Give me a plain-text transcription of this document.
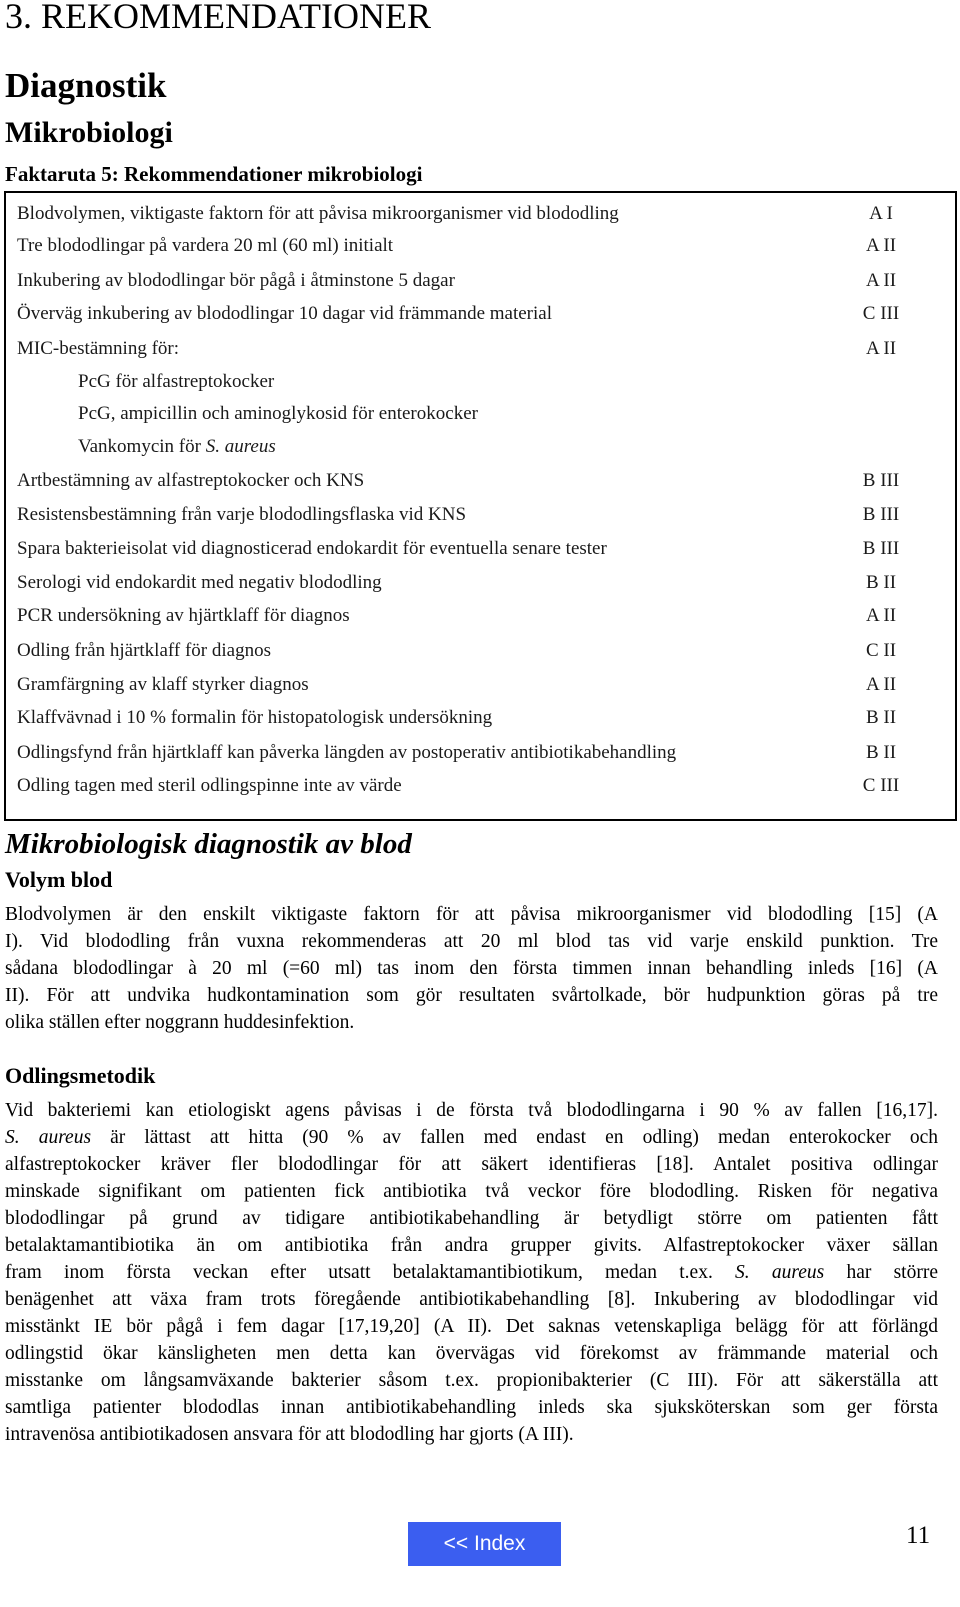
3. REKOMMENDATIONER
Diagnostik
Mikrobiologi
Faktaruta 5: Rekommendationer mikrobiologi
Blodvolymen, viktigaste faktorn för att påvisa mikroorganismer vid blododling	A I
Tre blododlingar på vardera 20 ml (60 ml) initialt	A II
Inkubering av blododlingar bör pågå i åtminstone 5 dagar	A II
Överväg inkubering av blododlingar 10 dagar vid främmande material	C III
MIC-bestämning för:	A II
PcG för alfastreptokocker
PcG, ampicillin och aminoglykosid för enterokocker
Vankomycin för S. aureus
Artbestämning av alfastreptokocker och KNS	B III
Resistensbestämning från varje blododlingsflaska vid KNS	B III
Spara bakterieisolat vid diagnosticerad endokardit för eventuella senare tester	B III
Serologi vid endokardit med negativ blododling	B II
PCR undersökning av hjärtklaff för diagnos	A II
Odling från hjärtklaff för diagnos	C II
Gramfärgning av klaff styrker diagnos	A II
Klaffvävnad i 10 % formalin för histopatologisk undersökning	B II
Odlingsfynd från hjärtklaff kan påverka längden av postoperativ antibiotikabehandling	B II
Odling tagen med steril odlingspinne inte av värde	C III
Mikrobiologisk diagnostik av blod
Volym blod
Blodvolymen är den enskilt viktigaste faktorn för att påvisa mikroorganismer vid blododling [15] (A
I). Vid blododling från vuxna rekommenderas att 20 ml blod tas vid varje enskild punktion. Tre
sådana blododlingar à 20 ml (=60 ml) tas inom den första timmen innan behandling inleds [16] (A
II). För att undvika hudkontamination som gör resultaten svårtolkade, bör hudpunktion göras på tre
olika ställen efter noggrann huddesinfektion.
Odlingsmetodik
Vid bakteriemi kan etiologiskt agens påvisas i de första två blododlingarna i 90 % av fallen [16,17].
S. aureus är lättast att hitta (90 % av fallen med endast en odling) medan enterokocker och
alfastreptokocker kräver fler blododlingar för att säkert identifieras [18]. Antalet positiva odlingar
minskade signifikant om patienten fick antibiotika två veckor före blododling. Risken för negativa
blododlingar på grund av tidigare antibiotikabehandling är betydligt större om patienten fått
betalaktamantibiotika än om antibiotika från andra grupper givits. Alfastreptokocker växer sällan
fram inom första veckan efter utsatt betalaktamantibiotikum, medan t.ex. S. aureus har större
benägenhet att växa fram trots föregående antibiotikabehandling [8]. Inkubering av blododlingar vid
misstänkt IE bör pågå i fem dagar [17,19,20] (A II). Det saknas vetenskapliga belägg för att förlängd
odlingstid ökar känsligheten men detta kan övervägas vid förekomst av främmande material och
misstanke om långsamväxande bakterier såsom t.ex. propionibakterier (C III). För att säkerställa att
samtliga patienter blododlas innan antibiotikabehandling inleds ska sjuksköterskan som ger första
intravenösa antibiotikadosen ansvara för att blododling har gjorts (A III).
<< Index	11
